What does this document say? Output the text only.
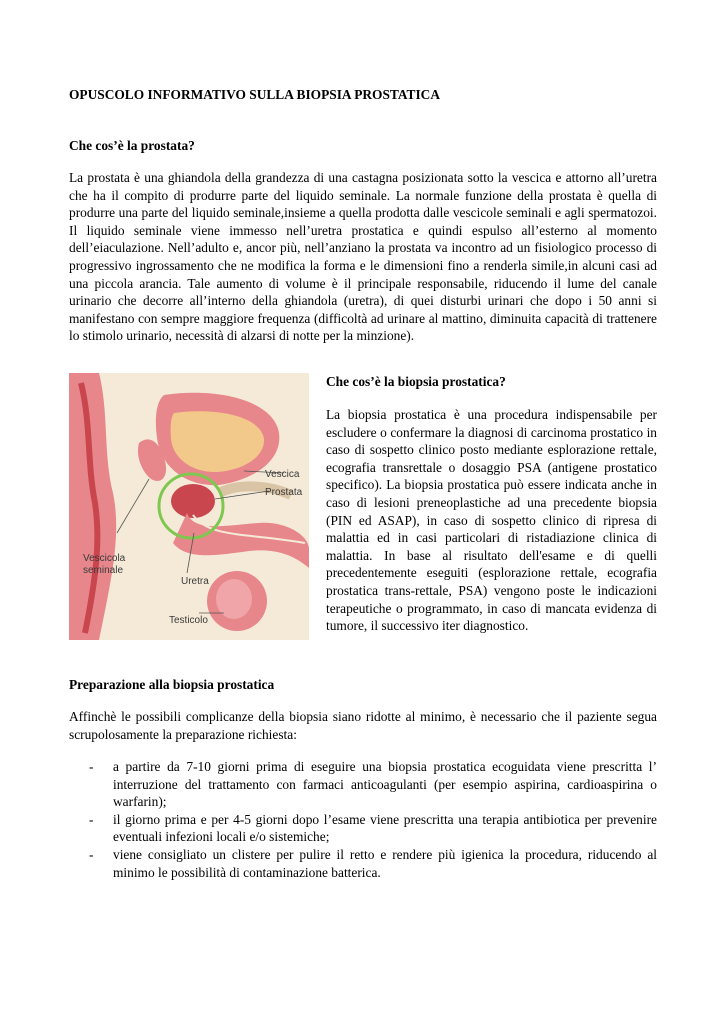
OPUSCOLO INFORMATIVO SULLA BIOPSIA PROSTATICA
Che cos’è la prostata?
La prostata è una ghiandola della grandezza di una castagna posizionata sotto la vescica e attorno all’uretra che ha il compito di produrre parte del liquido seminale. La normale funzione della prostata è quella di produrre una parte del liquido seminale,insieme a quella prodotta dalle vescicole seminali e agli spermatozoi. Il liquido seminale viene immesso nell’uretra prostatica e quindi espulso all’esterno al momento dell’eiaculazione. Nell’adulto e, ancor più, nell’anziano la prostata va incontro ad un fisiologico processo di progressivo ingrossamento che ne modifica la forma e le dimensioni fino a renderla simile,in alcuni casi ad una piccola arancia. Tale aumento di volume è il principale responsabile, riducendo il lume del canale urinario che decorre all’interno della ghiandola (uretra), di quei disturbi urinari che dopo i 50 anni si manifestano con sempre maggiore frequenza (difficoltà ad urinare al mattino, diminuita capacità di trattenere lo stimolo urinario, necessità di alzarsi di notte per la minzione).
Vescica
Prostata
Vescicola
seminale
Uretra
Testicolo
Che cos’è la biopsia prostatica?
La biopsia prostatica è una procedura indispensabile per escludere o confermare la diagnosi di carcinoma prostatico in caso di sospetto clinico posto mediante esplorazione rettale, ecografia transrettale o dosaggio PSA (antigene prostatico specifico). La biopsia prostatica può essere indicata anche in caso di lesioni preneoplastiche ad una precedente biopsia (PIN ed ASAP), in caso di sospetto clinico di ripresa di malattia ed in casi particolari di ristadiazione clinica di malattia. In base al risultato dell'esame e di quelli precedentemente eseguiti (esplorazione rettale, ecografia prostatica trans-rettale, PSA) vengono poste le indicazioni terapeutiche o programmato, in caso di mancata evidenza di tumore, il successivo iter diagnostico.
Preparazione alla biopsia prostatica
Affinchè le possibili complicanze della biopsia siano ridotte al minimo, è necessario che il paziente segua scrupolosamente la preparazione richiesta:
- a partire da 7-10 giorni prima di eseguire una biopsia prostatica ecoguidata viene prescritta l’ interruzione del trattamento con farmaci anticoagulanti (per esempio aspirina, cardioaspirina o warfarin);
- il giorno prima e per 4-5 giorni dopo l’esame viene prescritta una terapia antibiotica per prevenire eventuali infezioni locali e/o sistemiche;
- viene consigliato un clistere per pulire il retto e rendere più igienica la procedura, riducendo al minimo le possibilità di contaminazione batterica.
